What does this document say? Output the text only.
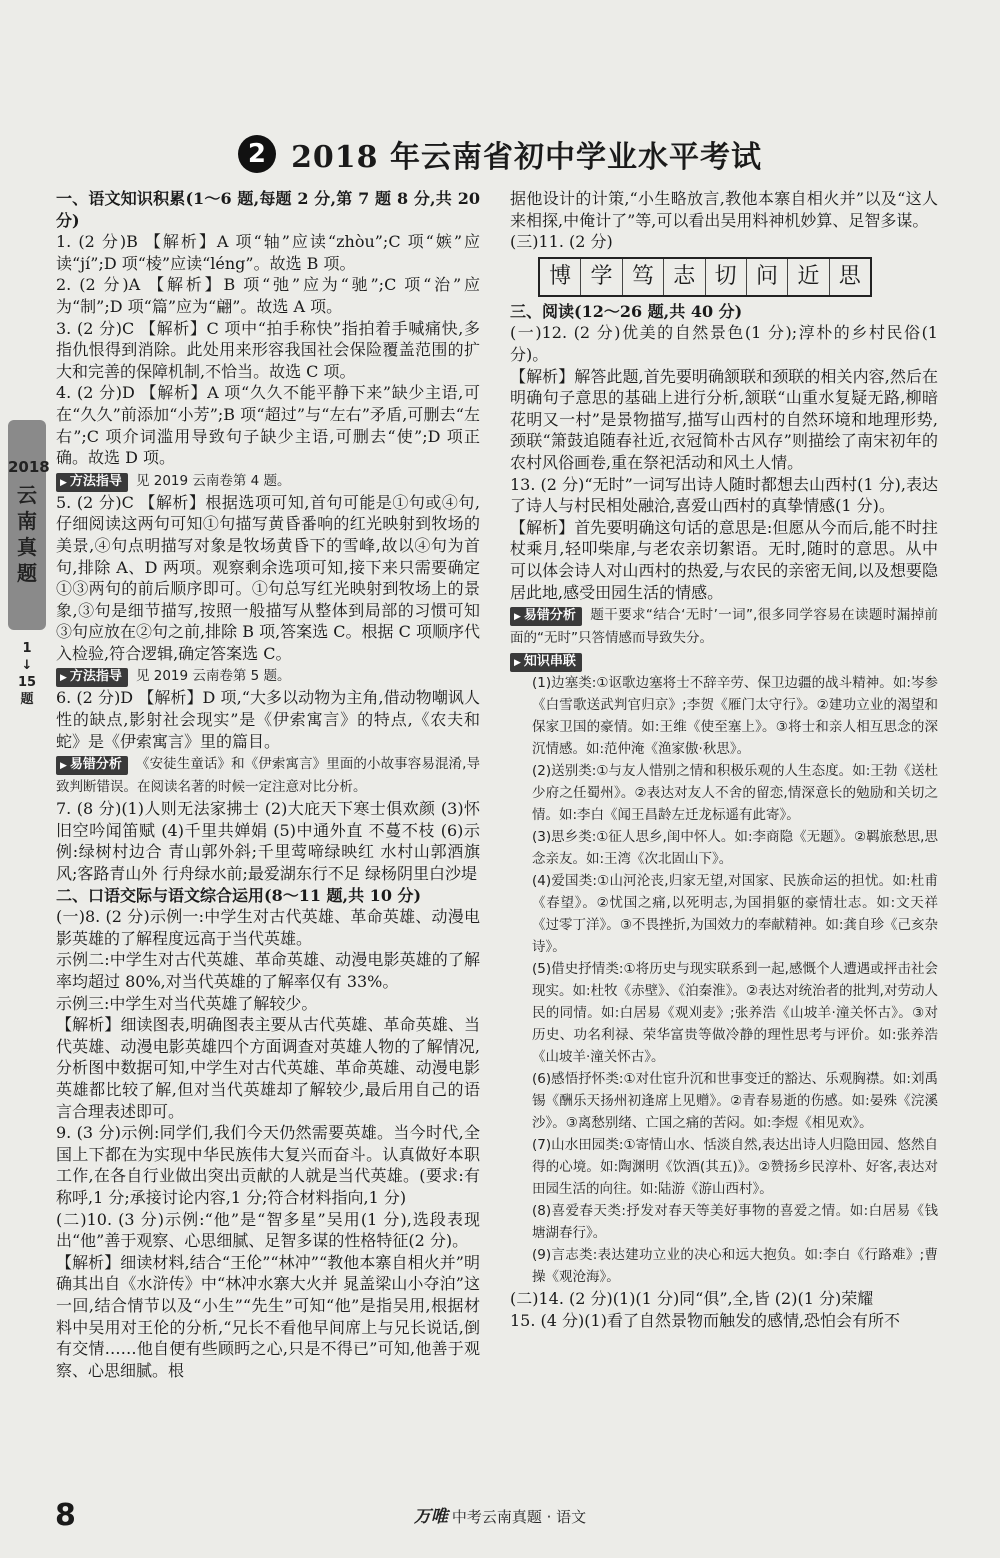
2 2018 年云南省初中学业水平考试
2018
云
南
真
题
1
↓
15
题

一、语文知识积累(1～6 题,每题 2 分,第 7 题 8 分,共 20 分)

1. (2 分)B 【解析】A 项“轴”应读“zhòu”;C 项“嫉”应读“jí”;D 项“棱”应读“léng”。故选 B 项。

2. (2 分)A 【解析】B 项“弛”应为“驰”;C 项“治”应为“制”;D 项“篇”应为“翩”。故选 A 项。

3. (2 分)C 【解析】C 项中“拍手称快”指拍着手喊痛快,多指仇恨得到消除。此处用来形容我国社会保险覆盖范围的扩大和完善的保障机制,不恰当。故选 C 项。

4. (2 分)D 【解析】A 项“久久不能平静下来”缺少主语,可在“久久”前添加“小芳”;B 项“超过”与“左右”矛盾,可删去“左右”;C 项介词滥用导致句子缺少主语,可删去“使”;D 项正确。故选 D 项。

▶ 方法指导 见 2019 云南卷第 4 题。

5. (2 分)C 【解析】根据选项可知,首句可能是①句或④句,仔细阅读这两句可知①句描写黄昏番响的红光映射到牧场的美景,④句点明描写对象是牧场黄昏下的雪峰,故以④句为首句,排除 A、D 两项。观察剩余选项可知,接下来只需要确定①③两句的前后顺序即可。①句总写红光映射到牧场上的景象,③句是细节描写,按照一般描写从整体到局部的习惯可知③句应放在②句之前,排除 B 项,答案选 C。根据 C 项顺序代入检验,符合逻辑,确定答案选 C。

▶ 方法指导 见 2019 云南卷第 5 题。

6. (2 分)D 【解析】D 项,“大多以动物为主角,借动物嘲讽人性的缺点,影射社会现实”是《伊索寓言》的特点,《农夫和蛇》是《伊索寓言》里的篇目。

▶ 易错分析 《安徒生童话》和《伊索寓言》里面的小故事容易混淆,导致判断错误。在阅读名著的时候一定注意对比分析。

7. (8 分)(1)人则无法家拂士 (2)大庇天下寒士俱欢颜 (3)怀旧空吟闻笛赋 (4)千里共婵娟 (5)中通外直 不蔓不枝 (6)示例:绿树村边合 青山郭外斜;千里莺啼绿映红 水村山郭酒旗风;客路青山外 行舟绿水前;最爱湖东行不足 绿杨阴里白沙堤

二、口语交际与语文综合运用(8～11 题,共 10 分)

(一)8. (2 分)示例一:中学生对古代英雄、革命英雄、动漫电影英雄的了解程度远高于当代英雄。

示例二:中学生对古代英雄、革命英雄、动漫电影英雄的了解率均超过 80%,对当代英雄的了解率仅有 33%。

示例三:中学生对当代英雄了解较少。

【解析】细读图表,明确图表主要从古代英雄、革命英雄、当代英雄、动漫电影英雄四个方面调查对英雄人物的了解情况,分析图中数据可知,中学生对古代英雄、革命英雄、动漫电影英雄都比较了解,但对当代英雄却了解较少,最后用自己的语言合理表述即可。

9. (3 分)示例:同学们,我们今天仍然需要英雄。当今时代,全国上下都在为实现中华民族伟大复兴而奋斗。认真做好本职工作,在各自行业做出突出贡献的人就是当代英雄。(要求:有称呼,1 分;承接讨论内容,1 分;符合材料指向,1 分)

(二)10. (3 分)示例:“他”是“智多星”吴用(1 分),选段表现出“他”善于观察、心思细腻、足智多谋的性格特征(2 分)。

【解析】细读材料,结合“王伦”“林冲”“教他本寨自相火并”明确其出自《水浒传》中“林冲水寨大火并 晁盖梁山小夺泊”这一回,结合情节以及“小生”“先生”可知“他”是指吴用,根据材料中吴用对王伦的分析,“兄长不看他早间席上与兄长说话,倒有交情……他自便有些顾眄之心,只是不得已”可知,他善于观察、心思细腻。根

据他设计的计策,“小生略放言,教他本寨自相火并”以及“这人来相探,中俺计了”等,可以看出吴用料神机妙算、足智多谋。

(三)11. (2 分)

博 学 笃 志 切 问 近 思

三、阅读(12～26 题,共 40 分)

(一)12. (2 分)优美的自然景色(1 分);淳朴的乡村民俗(1 分)。

【解析】解答此题,首先要明确颔联和颈联的相关内容,然后在明确句子意思的基础上进行分析,颔联“山重水复疑无路,柳暗花明又一村”是景物描写,描写山西村的自然环境和地理形势,颈联“箫鼓追随春社近,衣冠简朴古风存”则描绘了南宋初年的农村风俗画卷,重在祭祀活动和风土人情。

13. (2 分)“无时”一词写出诗人随时都想去山西村(1 分),表达了诗人与村民相处融洽,喜爱山西村的真挚情感(1 分)。

【解析】首先要明确这句话的意思是:但愿从今而后,能不时拄杖乘月,轻叩柴扉,与老农亲切絮语。无时,随时的意思。从中可以体会诗人对山西村的热爱,与农民的亲密无间,以及想要隐居此地,感受田园生活的情感。

▶ 易错分析 题干要求“结合‘无时’一词”,很多同学容易在读题时漏掉前面的“无时”只答情感而导致失分。

▶ 知识串联

(1)边塞类:①讴歌边塞将士不辞辛劳、保卫边疆的战斗精神。如:岑参《白雪歌送武判官归京》;李贺《雁门太守行》。②建功立业的渴望和保家卫国的豪情。如:王维《使至塞上》。③将士和亲人相互思念的深沉情感。如:范仲淹《渔家傲·秋思》。

(2)送别类:①与友人惜别之情和积极乐观的人生态度。如:王勃《送杜少府之任蜀州》。②表达对友人不舍的留恋,情深意长的勉励和关切之情。如:李白《闻王昌龄左迁龙标遥有此寄》。

(3)思乡类:①征人思乡,闺中怀人。如:李商隐《无题》。②羁旅愁思,思念亲友。如:王湾《次北固山下》。

(4)爱国类:①山河沦丧,归家无望,对国家、民族命运的担忧。如:杜甫《春望》。②忧国之痛,以死明志,为国捐躯的豪情壮志。如:文天祥《过零丁洋》。③不畏挫折,为国效力的奉献精神。如:龚自珍《己亥杂诗》。

(5)借史抒情类:①将历史与现实联系到一起,感慨个人遭遇或抨击社会现实。如:杜牧《赤壁》、《泊秦淮》。②表达对统治者的批判,对劳动人民的同情。如:白居易《观刈麦》;张养浩《山坡羊·潼关怀古》。③对历史、功名利禄、荣华富贵等做冷静的理性思考与评价。如:张养浩《山坡羊·潼关怀古》。

(6)感悟抒怀类:①对仕宦升沉和世事变迁的豁达、乐观胸襟。如:刘禹锡《酬乐天扬州初逢席上见赠》。②青春易逝的伤感。如:晏殊《浣溪沙》。③离愁别绪、亡国之痛的苦闷。如:李煜《相见欢》。

(7)山水田园类:①寄情山水、恬淡自然,表达出诗人归隐田园、悠然自得的心境。如:陶渊明《饮酒(其五)》。②赞扬乡民淳朴、好客,表达对田园生活的向往。如:陆游《游山西村》。

(8)喜爱春天类:抒发对春天等美好事物的喜爱之情。如:白居易《钱塘湖春行》。

(9)言志类:表达建功立业的决心和远大抱负。如:李白《行路难》;曹操《观沧海》。

(二)14. (2 分)(1)(1 分)同“俱”,全,皆 (2)(1 分)荣耀

15. (4 分)(1)看了自然景物而触发的感情,恐怕会有所不

8	万唯 中考云南真题 · 语文
